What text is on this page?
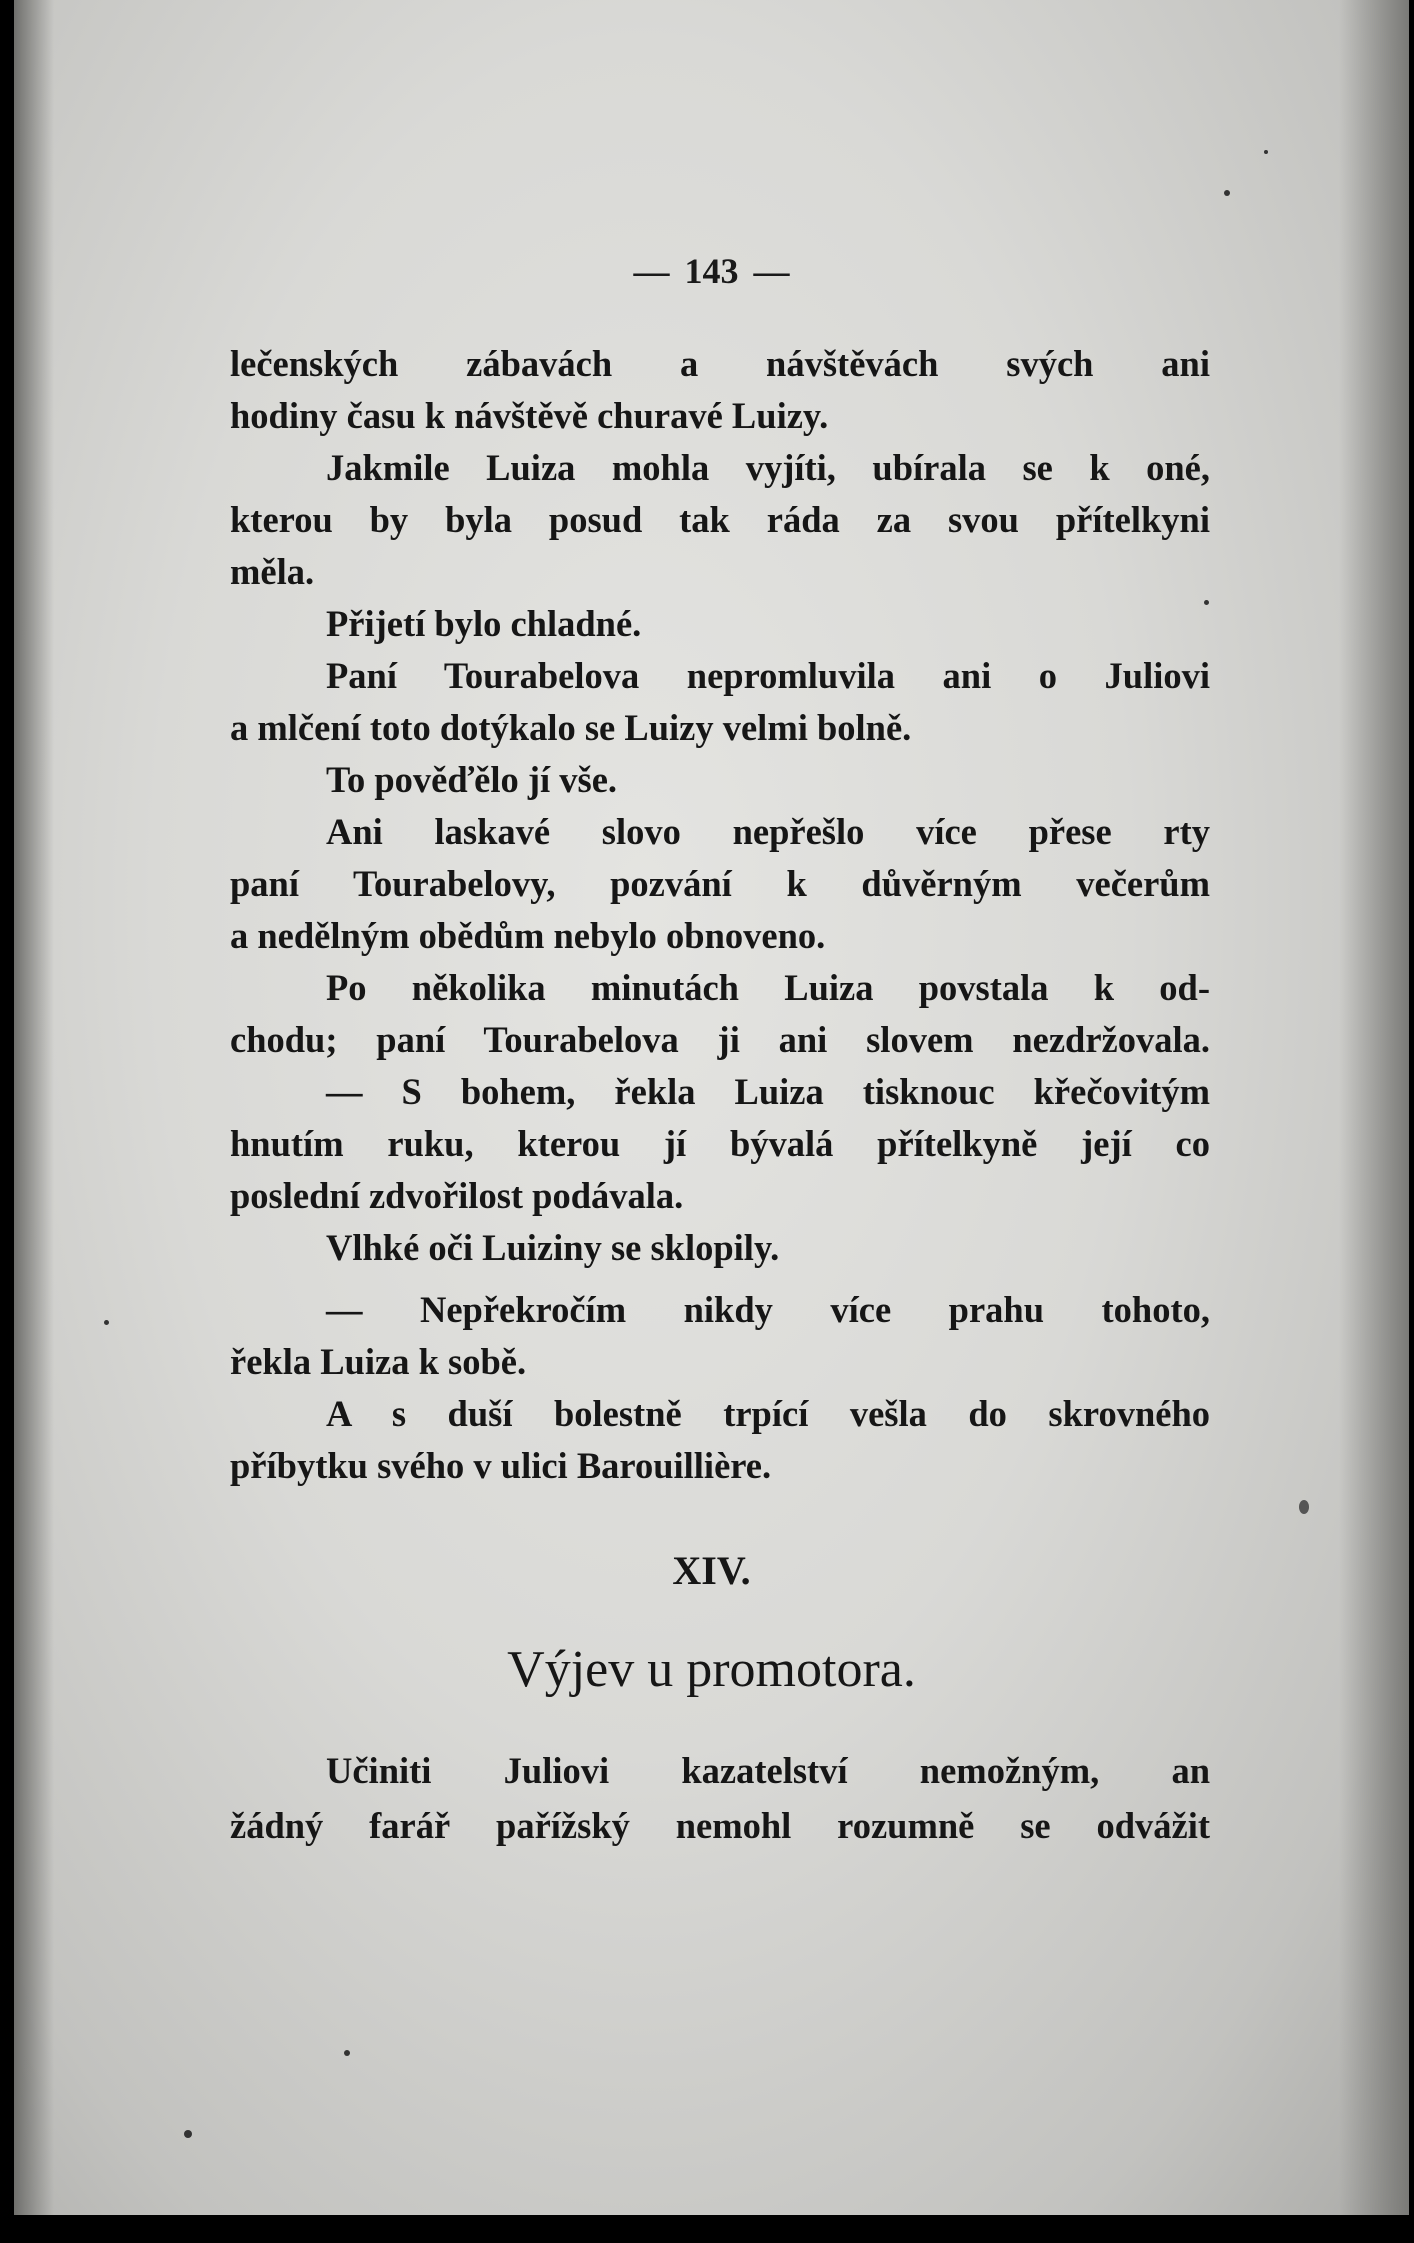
— 143 —
lečenských zábavách a návštěvách svých ani
hodiny času k návštěvě churavé Luizy.
Jakmile Luiza mohla vyjíti, ubírala se k oné,
kterou by byla posud tak ráda za svou přítelkyni
měla.
Přijetí bylo chladné.
Paní Tourabelova nepromluvila ani o Juliovi
a mlčení toto dotýkalo se Luizy velmi bolně.
To pověďělo jí vše.
Ani laskavé slovo nepřešlo více přese rty
paní Tourabelovy, pozvání k důvěrným večerům
a nedělným obědům nebylo obnoveno.
Po několika minutách Luiza povstala k od-
chodu; paní Tourabelova ji ani slovem nezdržovala.
— S bohem, řekla Luiza tisknouc křečovitým
hnutím ruku, kterou jí bývalá přítelkyně její co
poslední zdvořilost podávala.
Vlhké oči Luiziny se sklopily.
— Nepřekročím nikdy více prahu tohoto,
řekla Luiza k sobě.
A s duší bolestně trpící vešla do skrovného
příbytku svého v ulici Barouillière.
XIV.
Výjev u promotora.
Učiniti Juliovi kazatelství nemožným, an
žádný farář pařížský nemohl rozumně se odvážit
